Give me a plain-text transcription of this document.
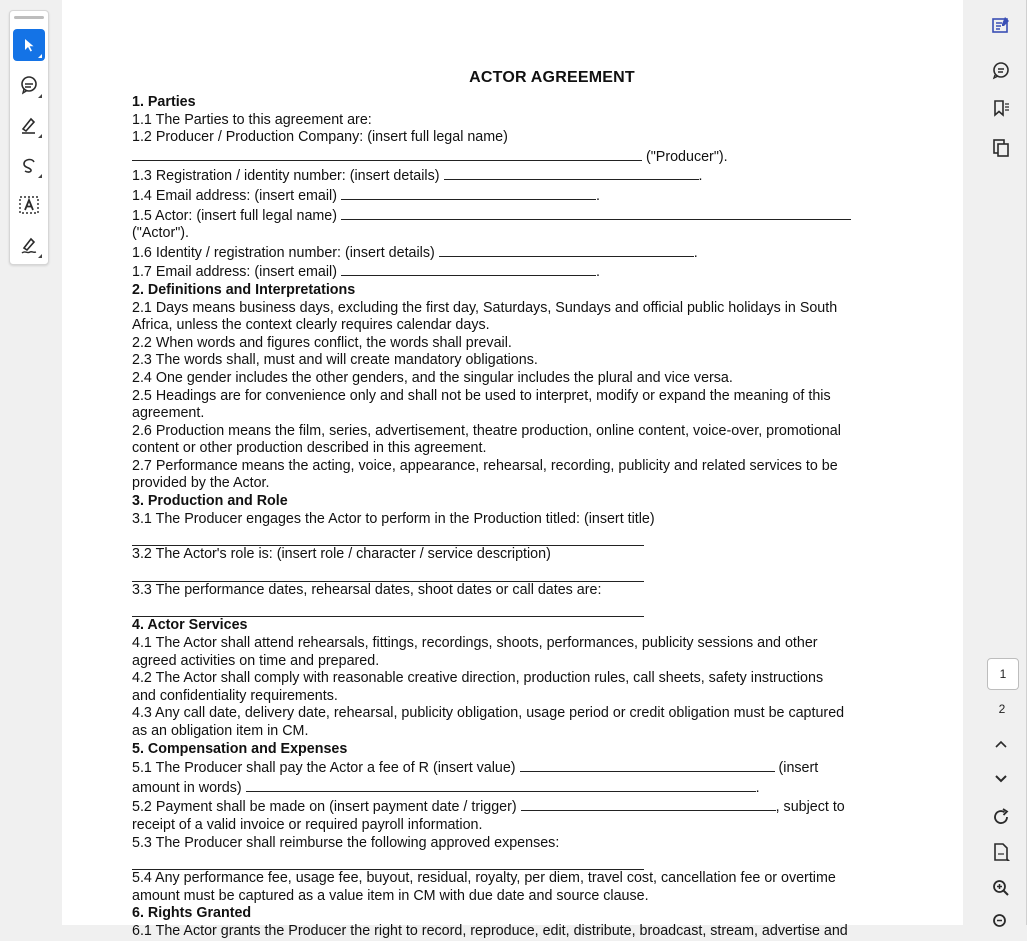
ACTOR AGREEMENT
1. Parties
1.1 The Parties to this agreement are:
1.2 Producer / Production Company: (insert full legal name)
("Producer").
1.3 Registration / identity number: (insert details)	.
1.4 Email address: (insert email)	.
1.5 Actor: (insert full legal name)
("Actor").
1.6 Identity / registration number: (insert details)	.
1.7 Email address: (insert email)	.
2. Definitions and Interpretations
2.1 Days means business days, excluding the first day, Saturdays, Sundays and official public holidays in South
Africa, unless the context clearly requires calendar days.
2.2 When words and figures conflict, the words shall prevail.
2.3 The words shall, must and will create mandatory obligations.
2.4 One gender includes the other genders, and the singular includes the plural and vice versa.
2.5 Headings are for convenience only and shall not be used to interpret, modify or expand the meaning of this
agreement.
2.6 Production means the film, series, advertisement, theatre production, online content, voice-over, promotional
content or other production described in this agreement.
2.7 Performance means the acting, voice, appearance, rehearsal, recording, publicity and related services to be
provided by the Actor.
3. Production and Role
3.1 The Producer engages the Actor to perform in the Production titled: (insert title)
3.2 The Actor's role is: (insert role / character / service description)
3.3 The performance dates, rehearsal dates, shoot dates or call dates are:
4. Actor Services
4.1 The Actor shall attend rehearsals, fittings, recordings, shoots, performances, publicity sessions and other
agreed activities on time and prepared.
4.2 The Actor shall comply with reasonable creative direction, production rules, call sheets, safety instructions
and confidentiality requirements.
4.3 Any call date, delivery date, rehearsal, publicity obligation, usage period or credit obligation must be captured
as an obligation item in CM.
5. Compensation and Expenses
5.1 The Producer shall pay the Actor a fee of R (insert value)	(insert
amount in words)	.
5.2 Payment shall be made on (insert payment date / trigger)	, subject to
receipt of a valid invoice or required payroll information.
5.3 The Producer shall reimburse the following approved expenses:
5.4 Any performance fee, usage fee, buyout, residual, royalty, per diem, travel cost, cancellation fee or overtime
amount must be captured as a value item in CM with due date and source clause.
6. Rights Granted
6.1 The Actor grants the Producer the right to record, reproduce, edit, distribute, broadcast, stream, advertise and
1
2
